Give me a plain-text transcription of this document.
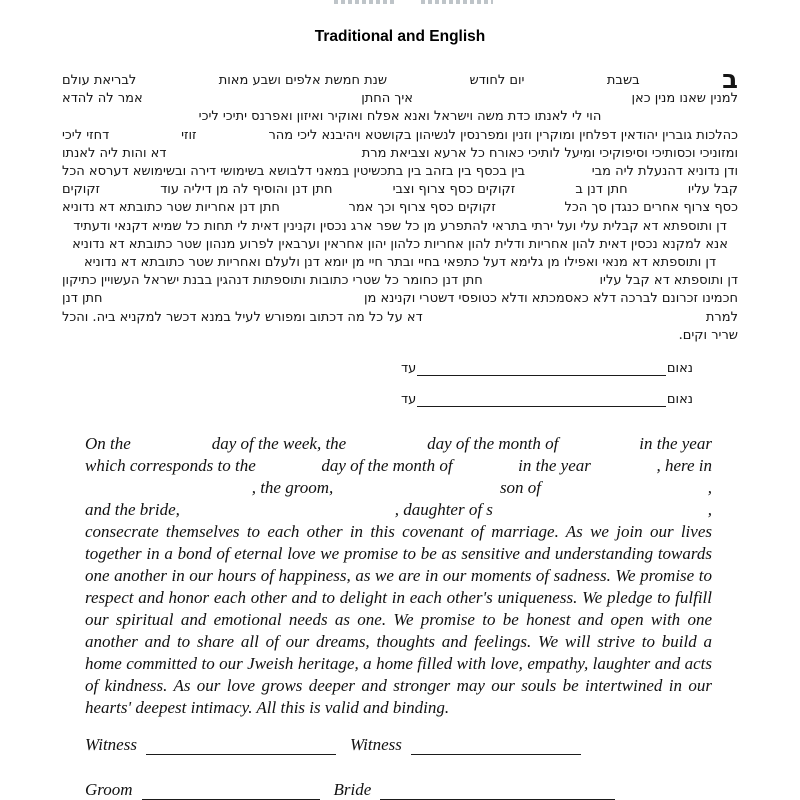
Traditional and English
ב
בשבת
יום לחודש
שנת חמשת אלפים ושבע מאות
לבריאת עולם
למנין שאנו מנין כאן
איך החתן
אמר לה להדא
הוי לי לאנתו כדת משה וישראל ואנא אפלח ואוקיר ואיזון ואפרנס יתיכי ליכי
כהלכות גוברין יהודאין דפלחין ומוקרין וזנין ומפרנסין לנשיהון בקושטא ויהיבנא ליכי מהר
זוזי
דחזי ליכי
ומזוניכי וכסותיכי וסיפוקיכי ומיעל לותיכי כאורח כל ארעא וצביאת מרת
דא והות ליה לאנתו
ודן נדוניא דהנעלת ליה מבי
בין בכסף בין בזהב בין בתכשיטין במאני דלבושא בשימושי דירה ובשימושא דערסא הכל
קבל עליו
חתן דנן ב
זקוקים כסף צרוף וצבי
חתן דנן והוסיף לה מן דיליה עוד
זקוקים
כסף צרוף אחרים כנגדן סך הכל
זקוקים כסף צרוף וכך אמר
חתן דנן אחריות שטר כתובתא דא נדוניא
דן ותוספתא דא קבלית עלי ועל ירתי בתראי להתפרע מן כל שפר ארג נכסין וקנינין דאית לי תחות כל שמיא דקנאי ודעתיד
אנא למקנא נכסין דאית להון אחריות ודלית להון אחריות כלהון יהון אחראין וערבאין לפרוע מנהון שטר כתובתא דא נדוניא
דן ותוספתא דא מנאי ואפילו מן גלימא דעל כתפאי בחיי ובתר חיי מן יומא דנן ולעלם ואחריות שטר כתובתא דא נדוניא
דן ותוספתא דא קבל עליו
חתן דנן כחומר כל שטרי כתובות ותוספתות דנהגין בבנת ישראל העשויין כתיקון
חכמינו זכרונם לברכה דלא כאסמכתא ודלא כטופסי דשטרי וקנינא מן
חתן דנן
למרת
דא על כל מה דכתוב ומפורש לעיל במנא דכשר למקניא ביה. והכל
שריר וקים.
נאום
עד
נאום
עד
On the	day of the week, the	day of the month of	in the year
which corresponds to the	day of the month of	in the year	, here in
, the groom,	son of	,
and the bride,	, daughter of s	,
consecrate themselves to each other in this covenant of marriage. As we join our lives together in a bond of eternal love we promise to be as sensitive and understanding towards one another in our hours of happiness, as we are in our moments of sadness. We promise to respect and honor each other and to delight in each other's uniqueness. We pledge to fulfill our spiritual and emotional needs as one. We promise to be honest and open with one another and to share all of our dreams, thoughts and feelings. We will strive to build a home committed to our Jweish heritage, a home filled with love, empathy, laughter and acts of kindness. As our love grows deeper and stronger may our souls be intertwined in our hearts' deepest intimacy. All this is valid and binding.
Witness	Witness
Groom	Bride
